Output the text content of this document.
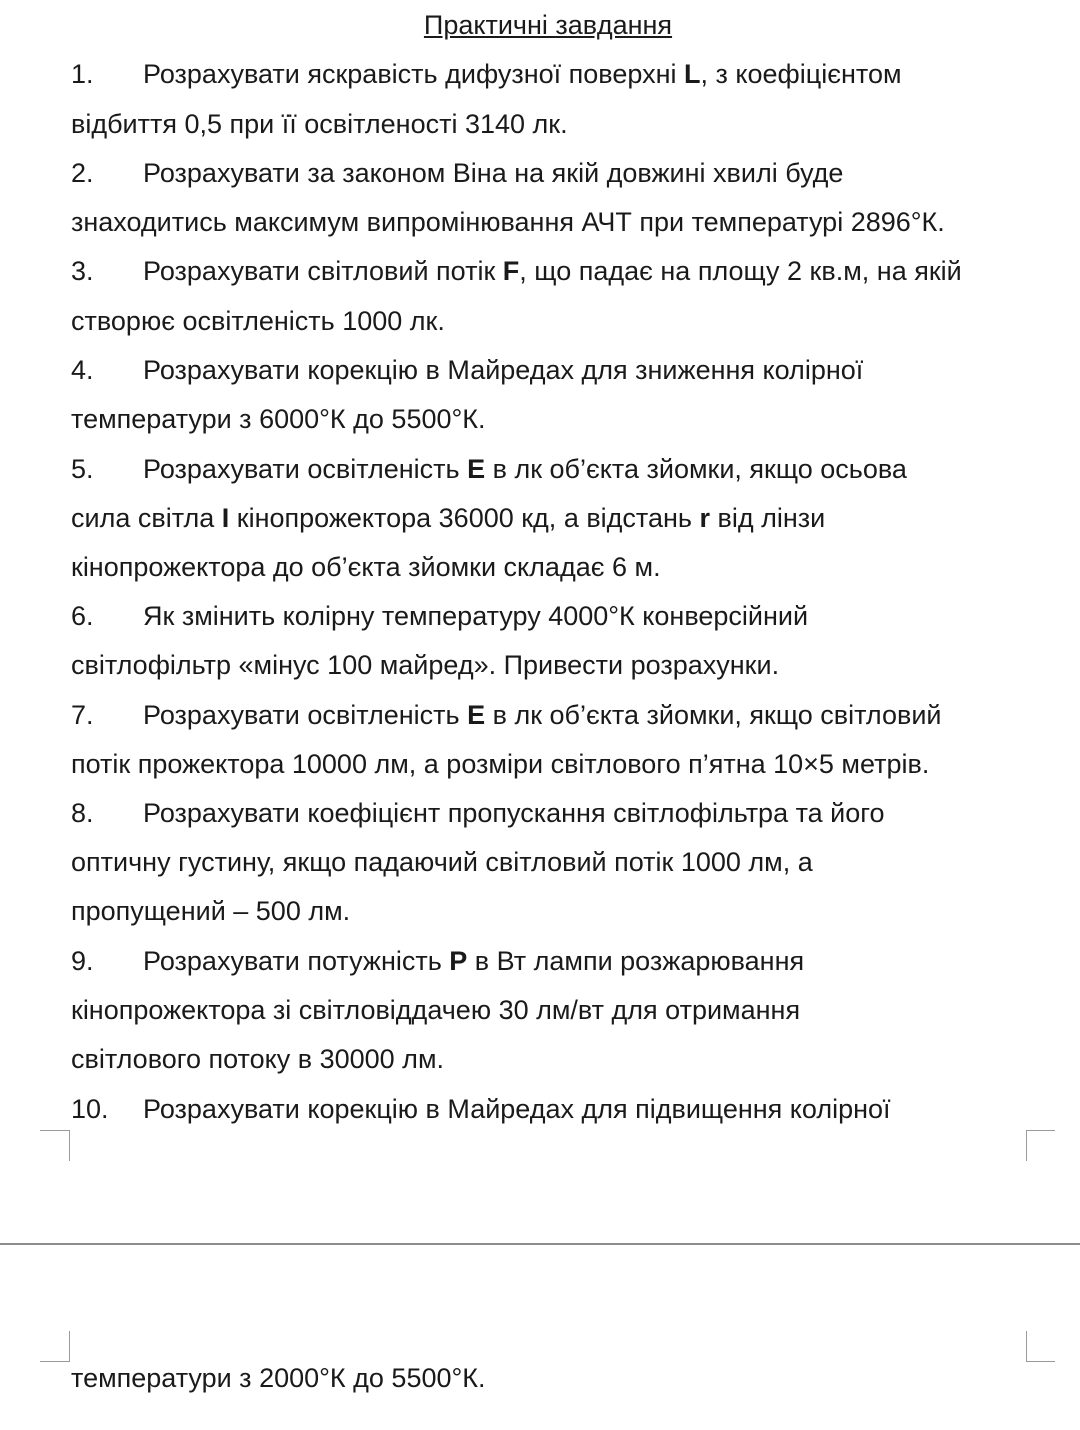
Практичні завдання
1. Розрахувати яскравість дифузної поверхні L, з коефіцієнтом
відбиття 0,5 при її освітленості 3140 лк.
2. Розрахувати за законом Віна на якій довжині хвилі буде
знаходитись максимум випромінювання АЧТ при температурі 2896°К.
3. Розрахувати світловий потік F, що падає на площу 2 кв.м, на якій
створює освітленість 1000 лк.
4. Розрахувати корекцію в Майредах для зниження колірної
температури з 6000°К до 5500°К.
5. Розрахувати освітленість E в лк об’єкта зйомки, якщо осьова
сила світла I кінопрожектора 36000 кд, а відстань r від лінзи
кінопрожектора до об’єкта зйомки складає 6 м.
6. Як змінить колірну температуру 4000°К конверсійний
світлофільтр «мінус 100 майред». Привести розрахунки.
7. Розрахувати освітленість E в лк об’єкта зйомки, якщо світловий
потік прожектора 10000 лм, а розміри світлового п’ятна 10×5 метрів.
8. Розрахувати коефіцієнт пропускання світлофільтра та його
оптичну густину, якщо падаючий світловий потік 1000 лм, а
пропущений – 500 лм.
9. Розрахувати потужність P в Вт лампи розжарювання
кінопрожектора зі світловіддачею 30 лм/вт для отримання
світлового потоку в 30000 лм.
10. Розрахувати корекцію в Майредах для підвищення колірної
температури з 2000°К до 5500°К.
